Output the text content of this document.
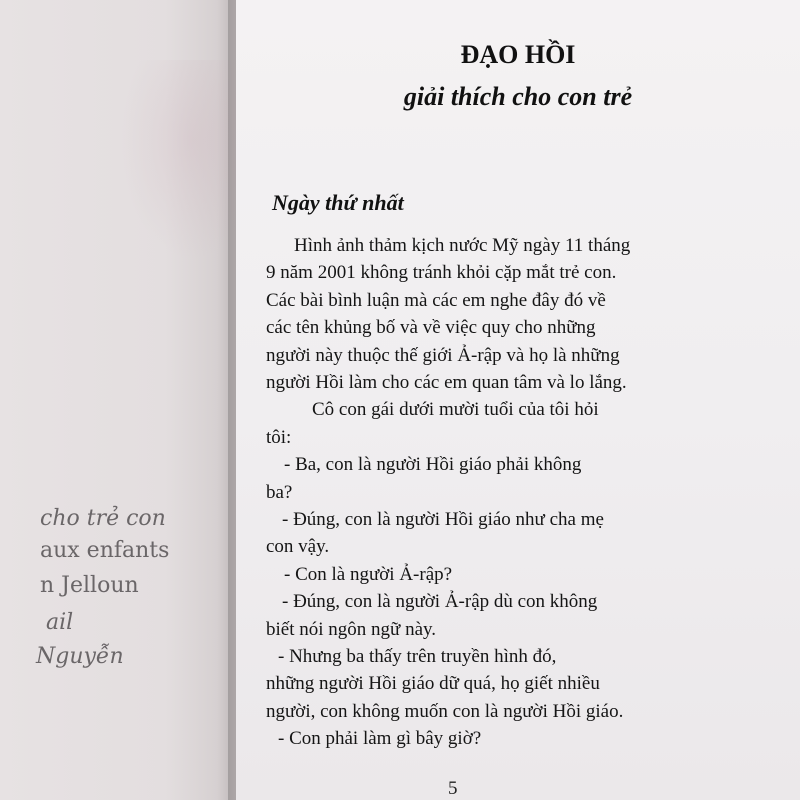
cho trẻ con
aux enfants
n Jelloun
ail
Nguyễn
ĐẠO HỒI
giải thích cho con trẻ
Ngày thứ nhất
Hình ảnh thảm kịch nước Mỹ ngày 11 tháng
9 năm 2001 không tránh khỏi cặp mắt trẻ con.
Các bài bình luận mà các em nghe đây đó về
các tên khủng bố và về việc quy cho những
người này thuộc thế giới Ả-rập và họ là những
người Hồi làm cho các em quan tâm và lo lắng.
Cô con gái dưới mười tuổi của tôi hỏi
tôi:
- Ba, con là người Hồi giáo phải không
ba?
- Đúng, con là người Hồi giáo như cha mẹ
con vậy.
- Con là người Ả-rập?
- Đúng, con là người Ả-rập dù con không
biết nói ngôn ngữ này.
- Nhưng ba thấy trên truyền hình đó,
những người Hồi giáo dữ quá, họ giết nhiều
người, con không muốn con là người Hồi giáo.
- Con phải làm gì bây giờ?
5
